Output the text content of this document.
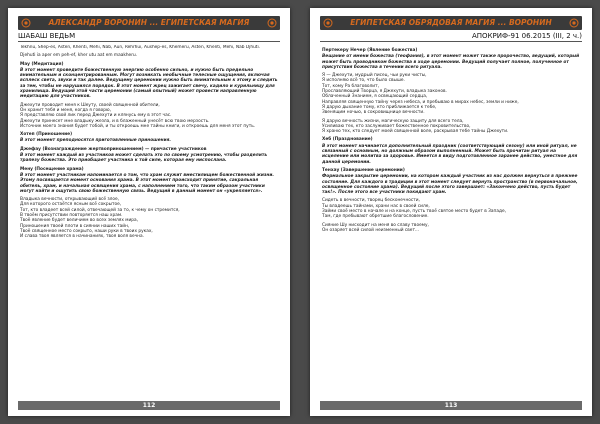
АЛЕКСАНДР ВОРОНИН ... ЕГИПЕТСКАЯ МАГИЯ
ШАБАШ ВЕДЬМ

Tekhnu, Shep-es, Asten, Khenti, Mehi, Nab, Aun, Rehrhui, Aushep-es, Khemeru, Asten, Khenti, Mehi, Nab Djhuti.

Djehuti ia aper em peh-ef, kher utu aat em maakheru.

Мау (Медитация)

В этот момент проведите божественную энергию особенно сильно, и нужно быть предельно внимательным и сконцентрированным. Могут возникать необычные телесные ощущения, включая всплеск света, звуки и так далее. Ведущему церемонии нужно быть внимательным к этому и следить за тем, чтобы не нарушился порядок. В этот момент жрец зажигает свечу, кадило и курильницу для хранилища. Ведущий этой части церемонии (самый опытный) может провести направленную медитацию для участников.

Джехути проводит меня к Шеуту, своей священной обители,
Он хранит тебя и меня, когда я говорю,
Я представляю свой лик перед Джехути и клянусь ему в этот час.
Джехути принесет мне владыку жезла, и в блаженный унесёт всю твою мерзость.
Источник моего знания будет тобой, и ты откроешь мне тайны книги, и откроешь для меня этот путь.

Хотеп (Приношение)

В этот момент преподносятся приготовленные приношения.

Джефау (Вознаграждение жертвоприношением) — причастие участников

В этот момент каждый из участников может сделать это по своему усмотрению, чтобы разделить трапезу божества. Это приобщает участника к той силе, которая ему ниспослана.

Менy (Посещение храма)

В этот момент участникам напоминается о том, что храм служит вместилищем божественной жизни. Этому посвящается момент основания храма. В этот момент происходит принятие, сакральная обитель, храм, и начальная освящения храма, с наполнением того, что таким образом участники могут найти и ощутить свою божественную связь. Ведущий в данный момент он «укрепляется».

Владыка вечности, открывающий всё злое,
Для которого остаётся ясным всё сокрытое,
Тот, кто владеет всей силой, отвечающей за то, к чему он стремится,
В твоём присутствии повторяется наш храм.
Твоё явление будет величием во всех землях мира,
Приношения твоей плоти в сиянии наших тайн,
Твоё священное место сокрыто, наши руки в твоих руках,
И слава твоя является в начинаниях, твоя воля вечна.

112
ЕГИПЕТСКАЯ ОБРЯДОВАЯ МАГИЯ ... ВОРОНИН
АПОКРИФ-91 06.2015 (III, 2 ч.)

Пертекеру Нечер (Явление божества)

Вещание от имени божества (теофания), в этот момент может также пророчество, ведущий, который может быть проводником божества в ходе церемонии. Ведущий получает полное, полученное от присутствия божества в течении всего ритуала.

Я — Джехути, мудрый писец, чьи руки чисты,
Я исполняю всё то, что было свыше.
Тот, кому Ра благоволит,
Прославляющий Творца, я Джехути, владыка законов.
Облаченный Знанием, я освещающий сердца,
Направляя священную тайну через небеса, и пребываю в мирах небес, земли и ниже,
Я дарую дыхание тому, кто приближается к тебе,
Звенящим ночью, в сокровищнице вечности.

Я дарую вечность жизни, магическую защиту для всего тела,
Усиливаю тех, кто заслуживает божественное покровительство,
Я храню тех, кто следует моей священной воле, раскрывая тебе тайны Джехути.

Хеб (Празднование)

В этот момент начинается дополнительный праздник (соответствующий сезону) или иной ритуал, не связанный с основным, но должным образом выполненный. Может быть прочитан ритуал на исцеление или молитва за здоровье. Имеется в виду подготовленное заранее действо, уместное для данной церемонии.

Тенхау (Завершение церемонии)

Формальное закрытие церемонии, на котором каждый участник из нас должен вернуться в прежнее состояние. Для каждого в традиции в этот момент следует вернуть пространство (в первоначальное, освященное состояние храма). Ведущий после этого завершает: «Закончено действо, пусть будет так!». После этого все участники покидают храм.

Сидеть в вечности, творец бесконечности,
Ты владеешь тайнами, храни нас в своей силе,
Займи своё место в начале и на конце, пусть твоё святое место будет в Западе,
Там, где пребывают обретшие благословение.

Сияние Шу нисходит на меня во славу твоему,
Он озаряет всей силой неизменный свет...

113
